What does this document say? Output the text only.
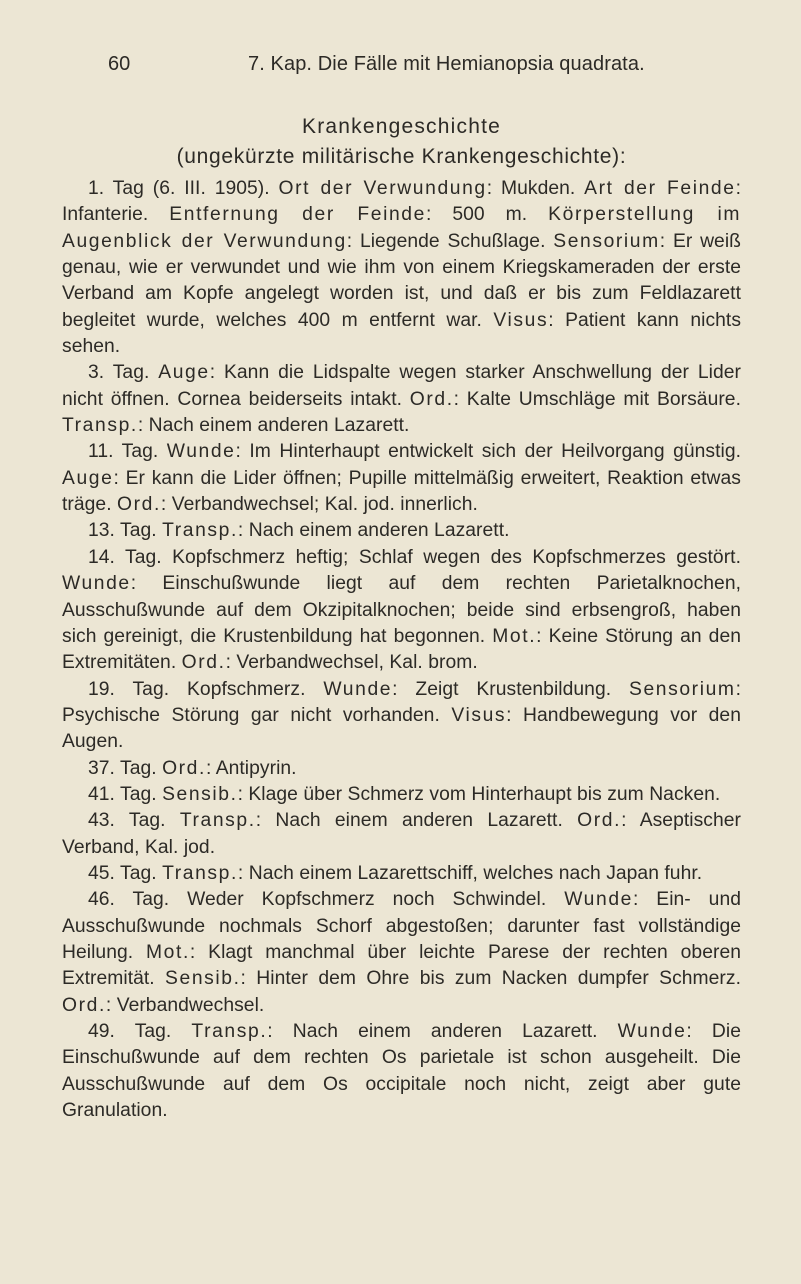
60	7. Kap. Die Fälle mit Hemianopsia quadrata.
Krankengeschichte
(ungekürzte militärische Krankengeschichte):

1. Tag (6. III. 1905). Ort der Verwundung: Mukden. Art der Feinde: Infanterie. Entfernung der Feinde: 500 m. Körperstellung im Augenblick der Verwundung: Liegende Schußlage. Sensorium: Er weiß genau, wie er verwundet und wie ihm von einem Kriegskameraden der erste Verband am Kopfe angelegt worden ist, und daß er bis zum Feldlazarett begleitet wurde, welches 400 m entfernt war. Visus: Patient kann nichts sehen.

3. Tag. Auge: Kann die Lidspalte wegen starker Anschwellung der Lider nicht öffnen. Cornea beiderseits intakt. Ord.: Kalte Umschläge mit Borsäure. Transp.: Nach einem anderen Lazarett.

11. Tag. Wunde: Im Hinterhaupt entwickelt sich der Heilvorgang günstig. Auge: Er kann die Lider öffnen; Pupille mittelmäßig erweitert, Reaktion etwas träge. Ord.: Verbandwechsel; Kal. jod. innerlich.

13. Tag. Transp.: Nach einem anderen Lazarett.

14. Tag. Kopfschmerz heftig; Schlaf wegen des Kopfschmerzes gestört. Wunde: Einschußwunde liegt auf dem rechten Parietalknochen, Ausschußwunde auf dem Okzipitalknochen; beide sind erbsengroß, haben sich gereinigt, die Krustenbildung hat begonnen. Mot.: Keine Störung an den Extremitäten. Ord.: Verbandwechsel, Kal. brom.

19. Tag. Kopfschmerz. Wunde: Zeigt Krustenbildung. Sensorium: Psychische Störung gar nicht vorhanden. Visus: Handbewegung vor den Augen.

37. Tag. Ord.: Antipyrin.

41. Tag. Sensib.: Klage über Schmerz vom Hinterhaupt bis zum Nacken.

43. Tag. Transp.: Nach einem anderen Lazarett. Ord.: Aseptischer Verband, Kal. jod.

45. Tag. Transp.: Nach einem Lazarettschiff, welches nach Japan fuhr.

46. Tag. Weder Kopfschmerz noch Schwindel. Wunde: Ein- und Ausschußwunde nochmals Schorf abgestoßen; darunter fast vollständige Heilung. Mot.: Klagt manchmal über leichte Parese der rechten oberen Extremität. Sensib.: Hinter dem Ohre bis zum Nacken dumpfer Schmerz. Ord.: Verbandwechsel.

49. Tag. Transp.: Nach einem anderen Lazarett. Wunde: Die Einschußwunde auf dem rechten Os parietale ist schon ausgeheilt. Die Ausschußwunde auf dem Os occipitale noch nicht, zeigt aber gute Granulation.
